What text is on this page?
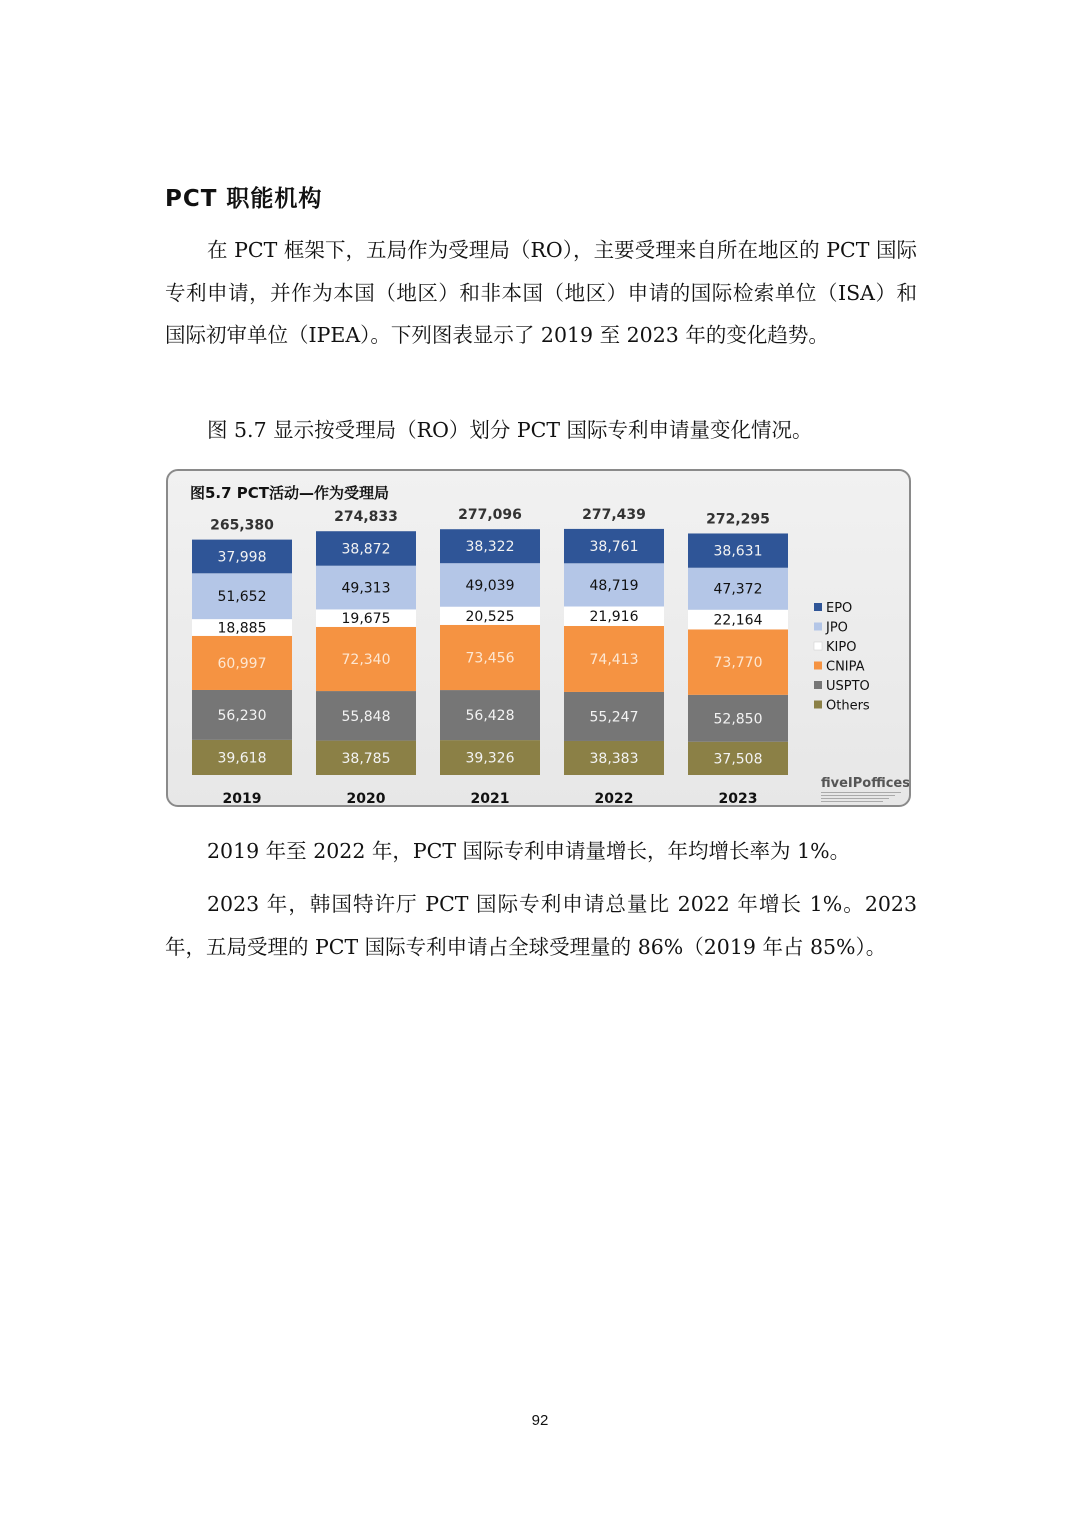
PCT 职能机构

在 PCT 框架下，五局作为受理局（RO），主要受理来自所在地区的 PCT 国际专利申请，并作为本国（地区）和非本国（地区）申请的国际检索单位（ISA）和国际初审单位（IPEA）。下列图表显示了 2019 至 2023 年的变化趋势。

图 5.7 显示按受理局（RO）划分 PCT 国际专利申请量变化情况。

图5.7 PCT活动—作为受理局
39,618
56,230
60,997
18,885
51,652
37,998
265,380
2019
38,785
55,848
72,340
19,675
49,313
38,872
274,833
2020
39,326
56,428
73,456
20,525
49,039
38,322
277,096
2021
38,383
55,247
74,413
21,916
48,719
38,761
277,439
2022
37,508
52,850
73,770
22,164
47,372
38,631
272,295
2023
EPO
JPO
KIPO
CNIPA
USPTO
Others
fiveIPoffices

2019 年至 2022 年，PCT 国际专利申请量增长，年均增长率为 1%。

2023 年，韩国特许厅 PCT 国际专利申请总量比 2022 年增长 1%。2023 年，五局受理的 PCT 国际专利申请占全球受理量的 86%（2019 年占 85%）。

92
